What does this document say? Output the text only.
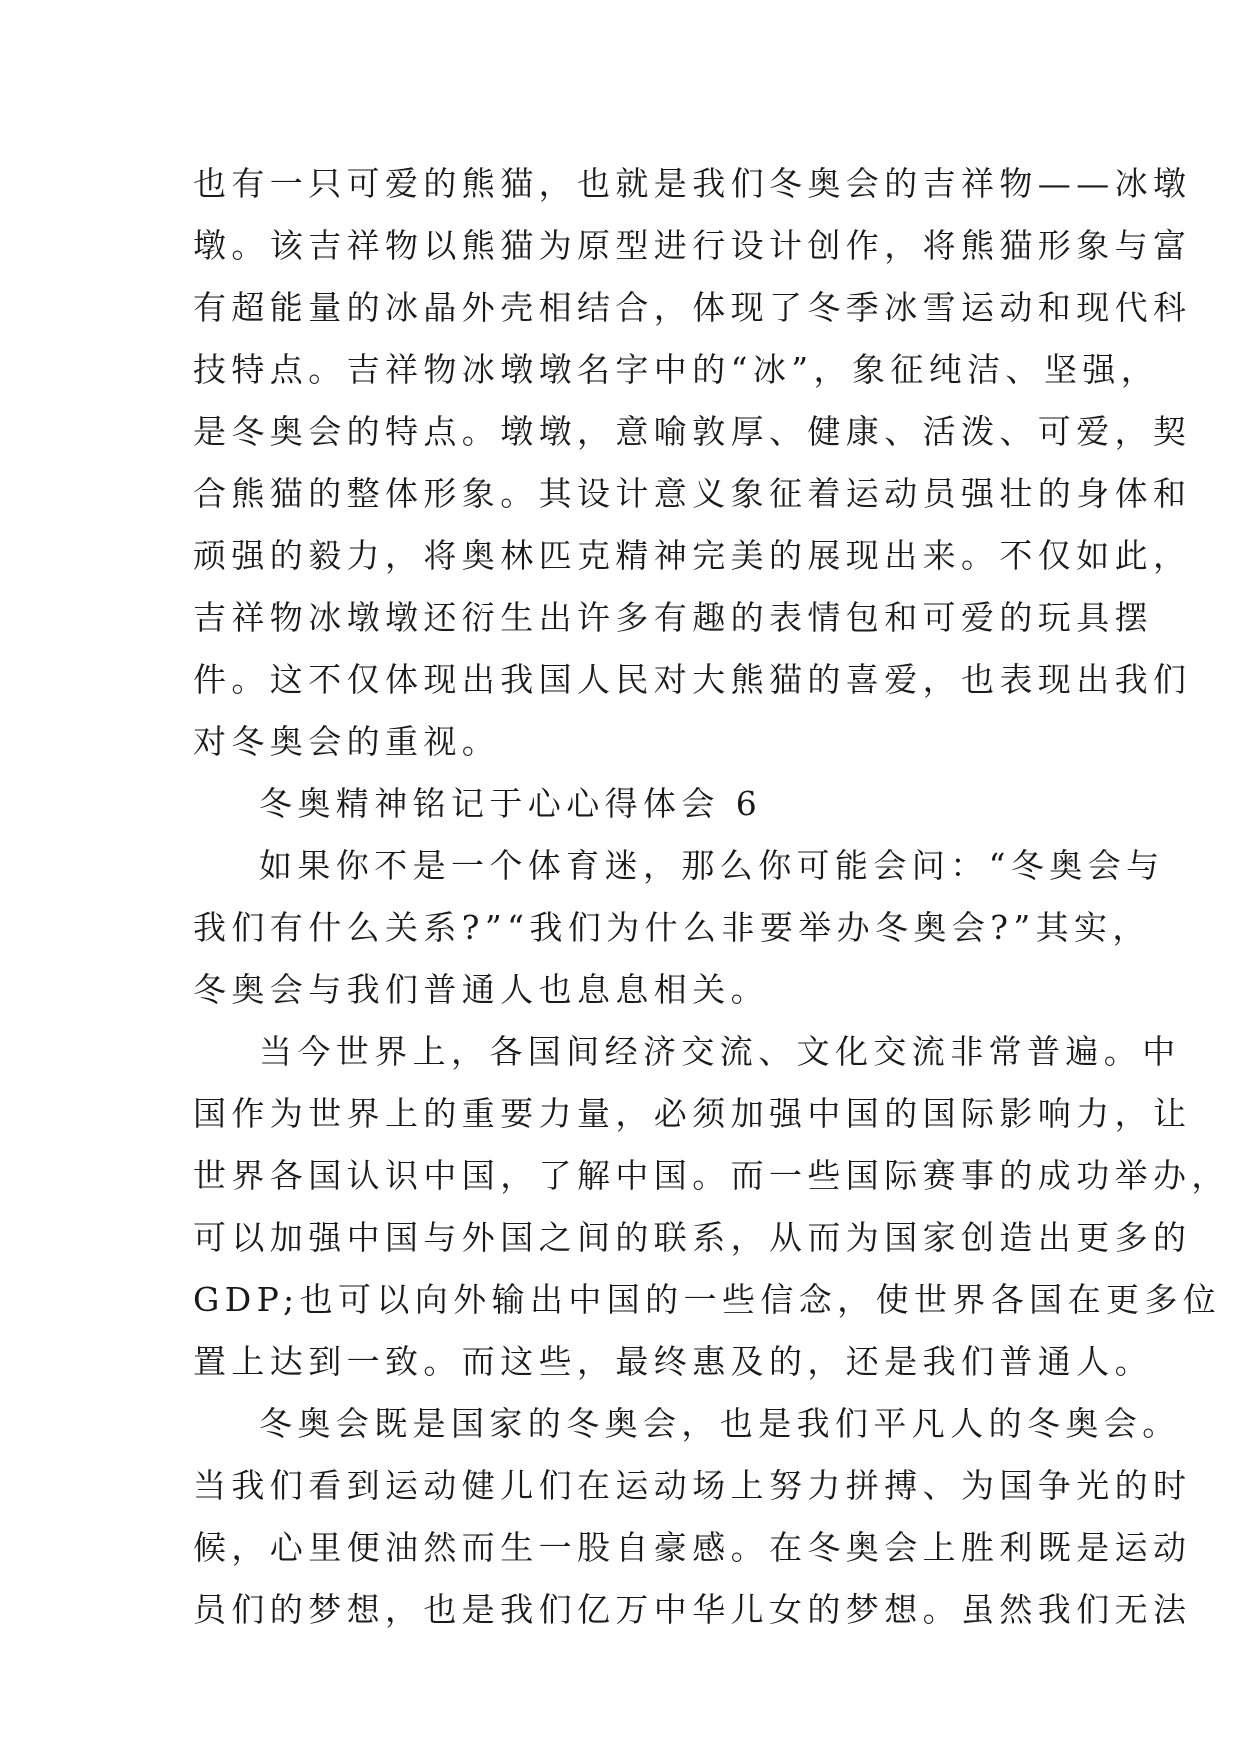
也有一只可爱的熊猫，也就是我们冬奥会的吉祥物——冰墩
墩。该吉祥物以熊猫为原型进行设计创作，将熊猫形象与富
有超能量的冰晶外壳相结合，体现了冬季冰雪运动和现代科
技特点。吉祥物冰墩墩名字中的“冰”，象征纯洁、坚强，
是冬奥会的特点。墩墩，意喻敦厚、健康、活泼、可爱，契
合熊猫的整体形象。其设计意义象征着运动员强壮的身体和
顽强的毅力，将奥林匹克精神完美的展现出来。不仅如此，
吉祥物冰墩墩还衍生出许多有趣的表情包和可爱的玩具摆
件。这不仅体现出我国人民对大熊猫的喜爱，也表现出我们
对冬奥会的重视。
冬奥精神铭记于心心得体会 6
如果你不是一个体育迷，那么你可能会问：“冬奥会与
我们有什么关系?”“我们为什么非要举办冬奥会?”其实，
冬奥会与我们普通人也息息相关。
当今世界上，各国间经济交流、文化交流非常普遍。中
国作为世界上的重要力量，必须加强中国的国际影响力，让
世界各国认识中国，了解中国。而一些国际赛事的成功举办，
可以加强中国与外国之间的联系，从而为国家创造出更多的
GDP;也可以向外输出中国的一些信念，使世界各国在更多位
置上达到一致。而这些，最终惠及的，还是我们普通人。
冬奥会既是国家的冬奥会，也是我们平凡人的冬奥会。
当我们看到运动健儿们在运动场上努力拼搏、为国争光的时
候，心里便油然而生一股自豪感。在冬奥会上胜利既是运动
员们的梦想，也是我们亿万中华儿女的梦想。虽然我们无法
